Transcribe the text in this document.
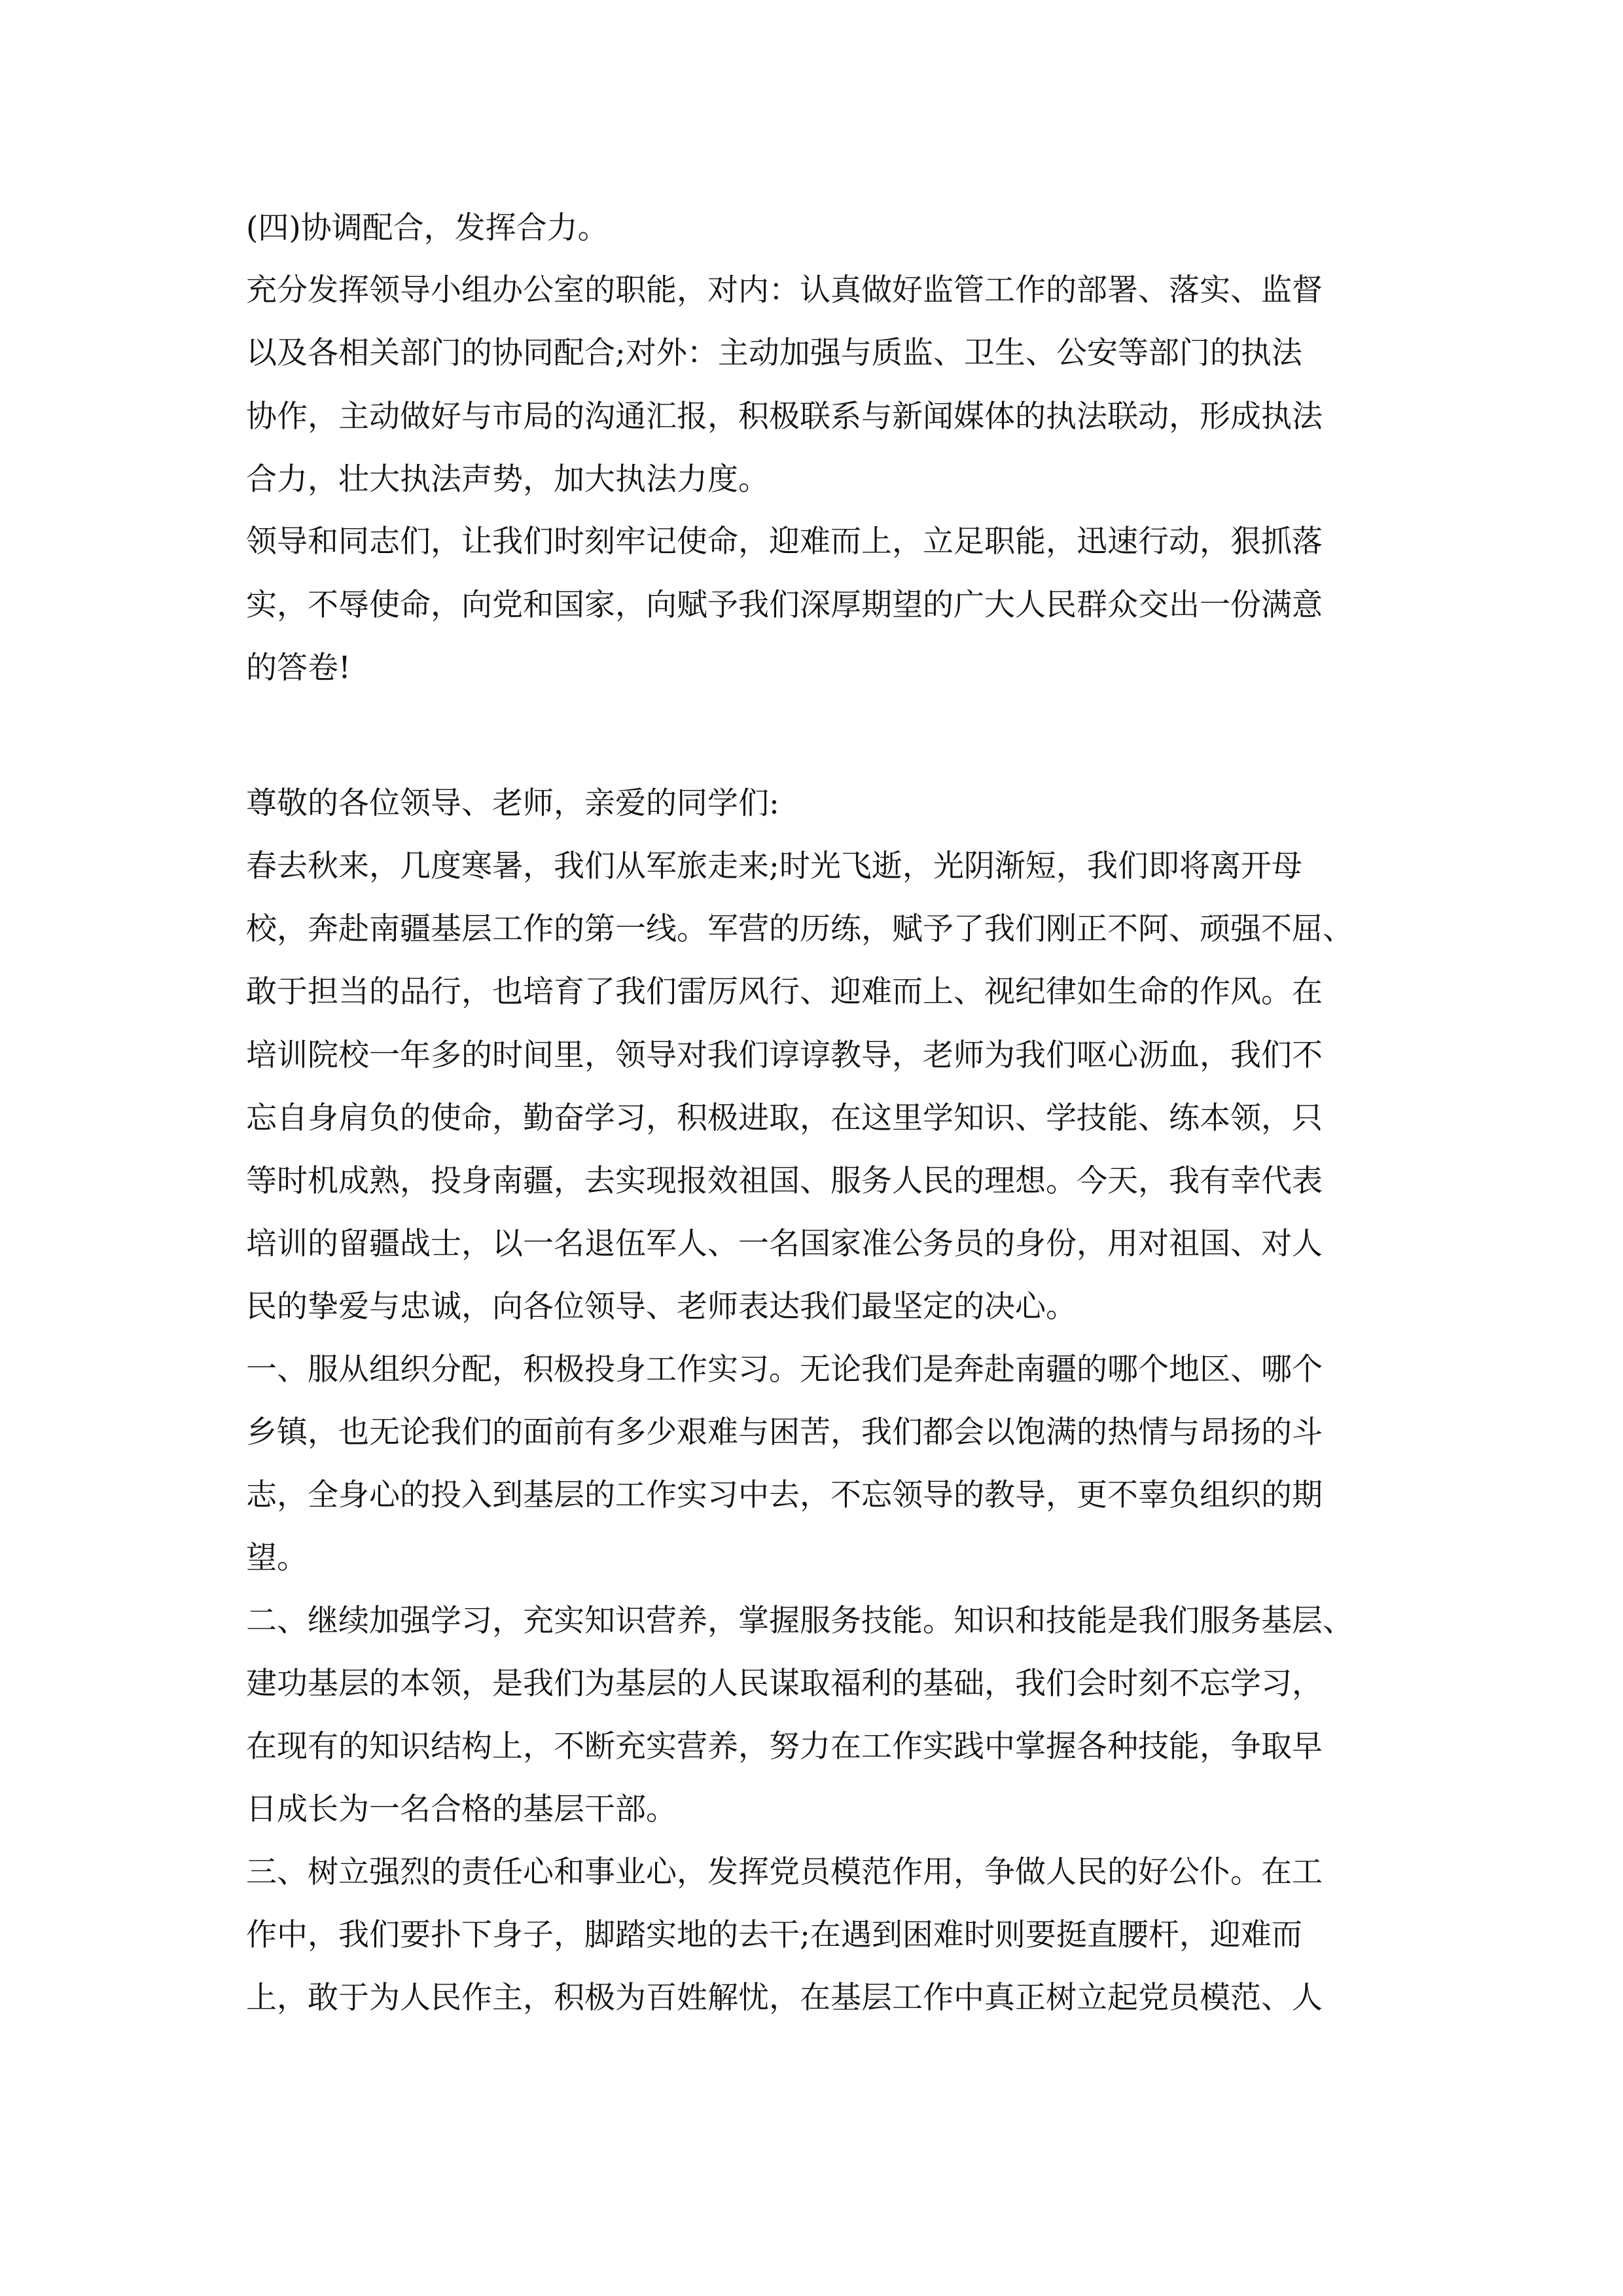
(四)协调配合，发挥合力。

充分发挥领导小组办公室的职能，对内：认真做好监管工作的部署、落实、监督

以及各相关部门的协同配合;对外：主动加强与质监、卫生、公安等部门的执法

协作，主动做好与市局的沟通汇报，积极联系与新闻媒体的执法联动，形成执法

合力，壮大执法声势，加大执法力度。

领导和同志们，让我们时刻牢记使命，迎难而上，立足职能，迅速行动，狠抓落

实，不辱使命，向党和国家，向赋予我们深厚期望的广大人民群众交出一份满意

的答卷!

尊敬的各位领导、老师，亲爱的同学们:

春去秋来，几度寒暑，我们从军旅走来;时光飞逝，光阴渐短，我们即将离开母

校，奔赴南疆基层工作的第一线。军营的历练，赋予了我们刚正不阿、顽强不屈、

敢于担当的品行，也培育了我们雷厉风行、迎难而上、视纪律如生命的作风。在

培训院校一年多的时间里，领导对我们谆谆教导，老师为我们呕心沥血，我们不

忘自身肩负的使命，勤奋学习，积极进取，在这里学知识、学技能、练本领，只

等时机成熟，投身南疆，去实现报效祖国、服务人民的理想。今天，我有幸代表

培训的留疆战士，以一名退伍军人、一名国家准公务员的身份，用对祖国、对人

民的挚爱与忠诚，向各位领导、老师表达我们最坚定的决心。

一、服从组织分配，积极投身工作实习。无论我们是奔赴南疆的哪个地区、哪个

乡镇，也无论我们的面前有多少艰难与困苦，我们都会以饱满的热情与昂扬的斗

志，全身心的投入到基层的工作实习中去，不忘领导的教导，更不辜负组织的期

望。

二、继续加强学习，充实知识营养，掌握服务技能。知识和技能是我们服务基层、

建功基层的本领，是我们为基层的人民谋取福利的基础，我们会时刻不忘学习，

在现有的知识结构上，不断充实营养，努力在工作实践中掌握各种技能，争取早

日成长为一名合格的基层干部。

三、树立强烈的责任心和事业心，发挥党员模范作用，争做人民的好公仆。在工

作中，我们要扑下身子，脚踏实地的去干;在遇到困难时则要挺直腰杆，迎难而

上，敢于为人民作主，积极为百姓解忧，在基层工作中真正树立起党员模范、人
